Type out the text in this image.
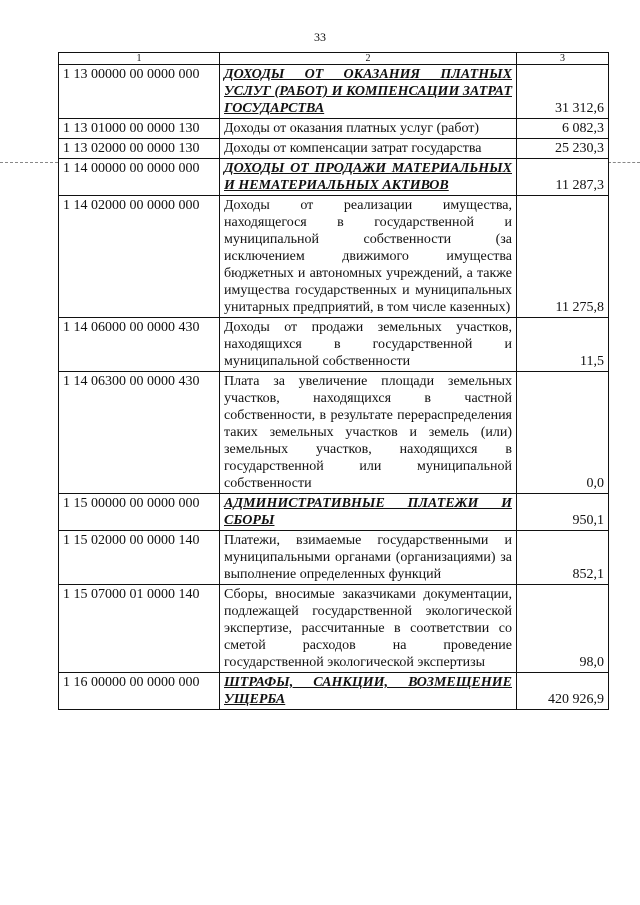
33
1	2	3
1 13 00000 00 0000 000	ДОХОДЫ ОТ ОКАЗАНИЯ ПЛАТНЫХ УСЛУГ (РАБОТ) И КОМПЕНСАЦИИ ЗАТРАТ ГОСУДАРСТВА	31 312,6
1 13 01000 00 0000 130	Доходы от оказания платных услуг (работ)	6 082,3
1 13 02000 00 0000 130	Доходы от компенсации затрат государства	25 230,3
1 14 00000 00 0000 000	ДОХОДЫ ОТ ПРОДАЖИ МАТЕРИАЛЬНЫХ И НЕМАТЕРИАЛЬНЫХ АКТИВОВ	11 287,3
1 14 02000 00 0000 000	Доходы от реализации имущества, находящегося в государственной и муниципальной собственности (за исключением движимого имущества бюджетных и автономных учреждений, а также имущества государственных и муниципальных унитарных предприятий, в том числе казенных)	11 275,8
1 14 06000 00 0000 430	Доходы от продажи земельных участков, находящихся в государственной и муниципальной собственности	11,5
1 14 06300 00 0000 430	Плата за увеличение площади земельных участков, находящихся в частной собственности, в результате перераспределения таких земельных участков и земель (или) земельных участков, находящихся в государственной или муниципальной собственности	0,0
1 15 00000 00 0000 000	АДМИНИСТРАТИВНЫЕ ПЛАТЕЖИ И СБОРЫ	950,1
1 15 02000 00 0000 140	Платежи, взимаемые государственными и муниципальными органами (организациями) за выполнение определенных функций	852,1
1 15 07000 01 0000 140	Сборы, вносимые заказчиками документации, подлежащей государственной экологической экспертизе, рассчитанные в соответствии со сметой расходов на проведение государственной экологической экспертизы	98,0
1 16 00000 00 0000 000	ШТРАФЫ, САНКЦИИ, ВОЗМЕЩЕНИЕ УЩЕРБА	420 926,9
